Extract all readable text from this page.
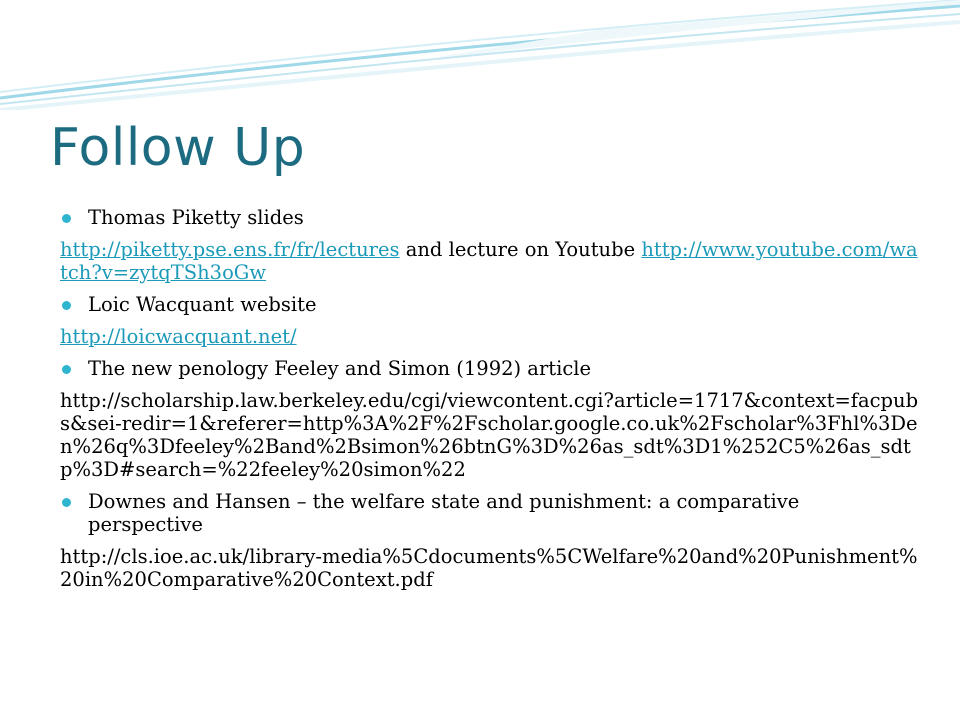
Follow Up
Thomas Piketty slides
http://piketty.pse.ens.fr/fr/lectures and lecture on Youtube http://www.youtube.com/watch?v=zytqTSh3oGw
Loic Wacquant website
http://loicwacquant.net/
The new penology Feeley and Simon (1992) article
http://scholarship.law.berkeley.edu/cgi/viewcontent.cgi?article=1717&context=facpubs&sei-redir=1&referer=http%3A%2F%2Fscholar.google.co.uk%2Fscholar%3Fhl%3Den%26q%3Dfeeley%2Band%2Bsimon%26btnG%3D%26as_sdt%3D1%252C5%26as_sdtp%3D#search=%22feeley%20simon%22
Downes and Hansen – the welfare state and punishment: a comparative perspective
http://cls.ioe.ac.uk/library-media%5Cdocuments%5CWelfare%20and%20Punishment%20in%20Comparative%20Context.pdf
